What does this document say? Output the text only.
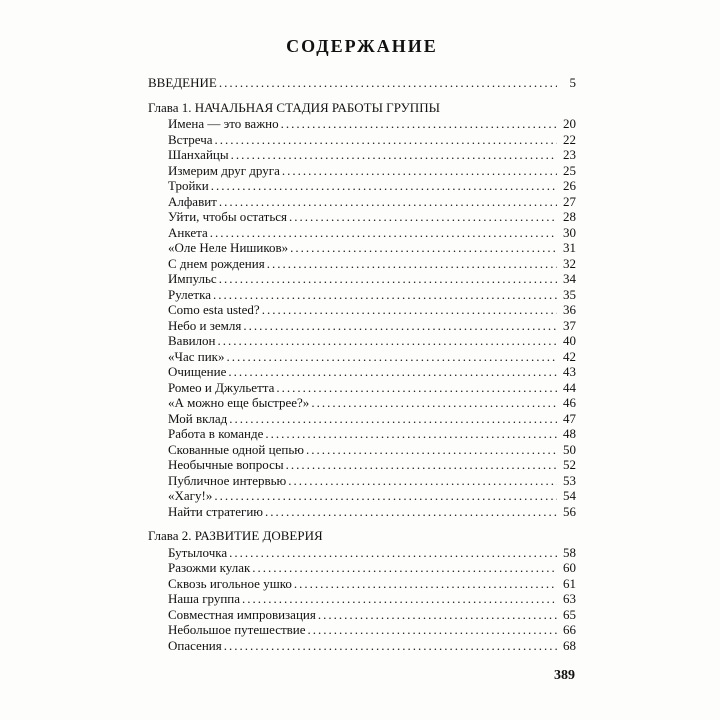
СОДЕРЖАНИЕ
ВВЕДЕНИЕ .....	5
Глава 1. НАЧАЛЬНАЯ СТАДИЯ РАБОТЫ ГРУППЫ
Имена — это важно .....	20
Встреча .....	22
Шанхайцы .....	23
Измерим друг друга .....	25
Тройки .....	26
Алфавит .....	27
Уйти, чтобы остаться .....	28
Анкета .....	30
«Оле Неле Нишиков» .....	31
С днем рождения .....	32
Импульс .....	34
Рулетка .....	35
Como esta usted? .....	36
Небо и земля .....	37
Вавилон .....	40
«Час пик» .....	42
Очищение .....	43
Ромео и Джульетта .....	44
«А можно еще быстрее?» .....	46
Мой вклад .....	47
Работа в команде .....	48
Скованные одной цепью .....	50
Необычные вопросы .....	52
Публичное интервью .....	53
«Хагу!» .....	54
Найти стратегию .....	56
Глава 2. РАЗВИТИЕ ДОВЕРИЯ
Бутылочка .....	58
Разожми кулак .....	60
Сквозь игольное ушко .....	61
Наша группа .....	63
Совместная импровизация .....	65
Небольшое путешествие .....	66
Опасения .....	68
389
